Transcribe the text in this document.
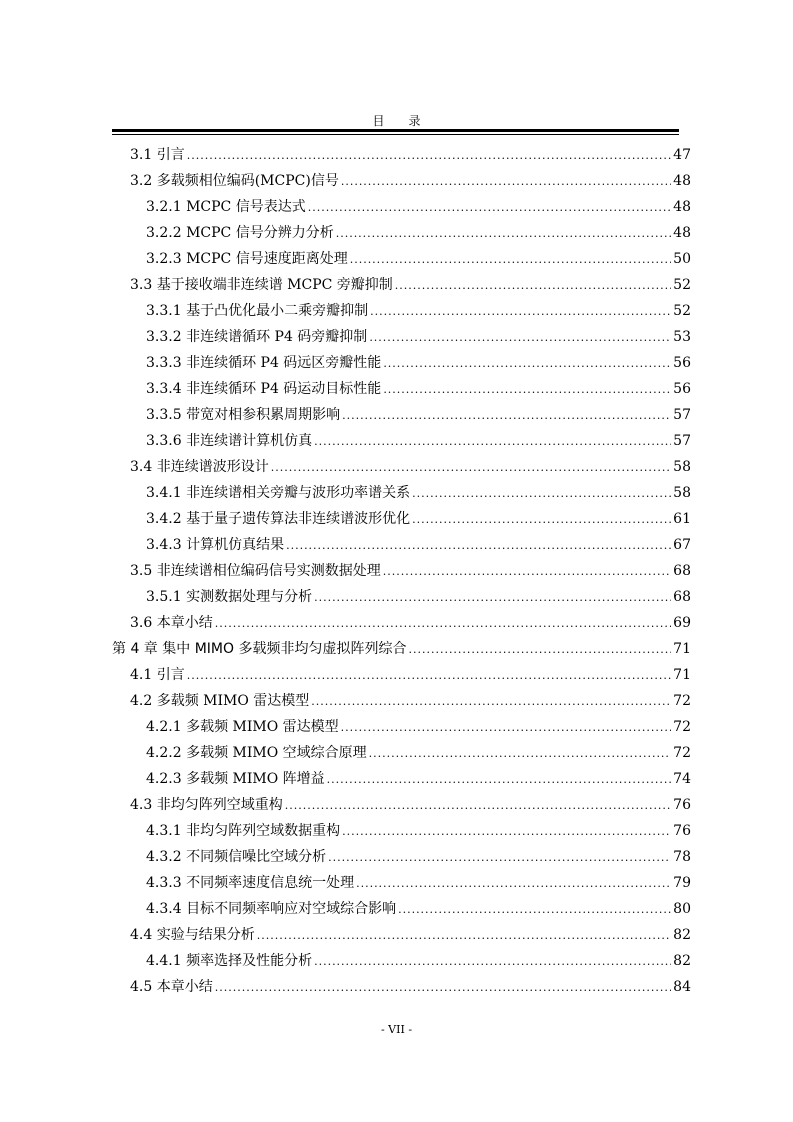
目　　录
3.1 引言 .....	47
3.2 多载频相位编码(MCPC)信号 .....	48
3.2.1 MCPC 信号表达式 .....	48
3.2.2 MCPC 信号分辨力分析 .....	48
3.2.3 MCPC 信号速度距离处理 .....	50
3.3 基于接收端非连续谱 MCPC 旁瓣抑制 .....	52
3.3.1 基于凸优化最小二乘旁瓣抑制 .....	52
3.3.2 非连续谱循环 P4 码旁瓣抑制 .....	53
3.3.3 非连续循环 P4 码远区旁瓣性能 .....	56
3.3.4 非连续循环 P4 码运动目标性能 .....	56
3.3.5 带宽对相参积累周期影响 .....	57
3.3.6 非连续谱计算机仿真 .....	57
3.4 非连续谱波形设计 .....	58
3.4.1 非连续谱相关旁瓣与波形功率谱关系 .....	58
3.4.2 基于量子遗传算法非连续谱波形优化 .....	61
3.4.3 计算机仿真结果 .....	67
3.5 非连续谱相位编码信号实测数据处理 .....	68
3.5.1 实测数据处理与分析 .....	68
3.6 本章小结 .....	69
第 4 章 集中 MIMO 多载频非均匀虚拟阵列综合 .....	71
4.1 引言 .....	71
4.2 多载频 MIMO 雷达模型 .....	72
4.2.1 多载频 MIMO 雷达模型 .....	72
4.2.2 多载频 MIMO 空域综合原理 .....	72
4.2.3 多载频 MIMO 阵增益 .....	74
4.3 非均匀阵列空域重构 .....	76
4.3.1 非均匀阵列空域数据重构 .....	76
4.3.2 不同频信噪比空域分析 .....	78
4.3.3 不同频率速度信息统一处理 .....	79
4.3.4 目标不同频率响应对空域综合影响 .....	80
4.4 实验与结果分析 .....	82
4.4.1 频率选择及性能分析 .....	82
4.5 本章小结 .....	84
- VII -
